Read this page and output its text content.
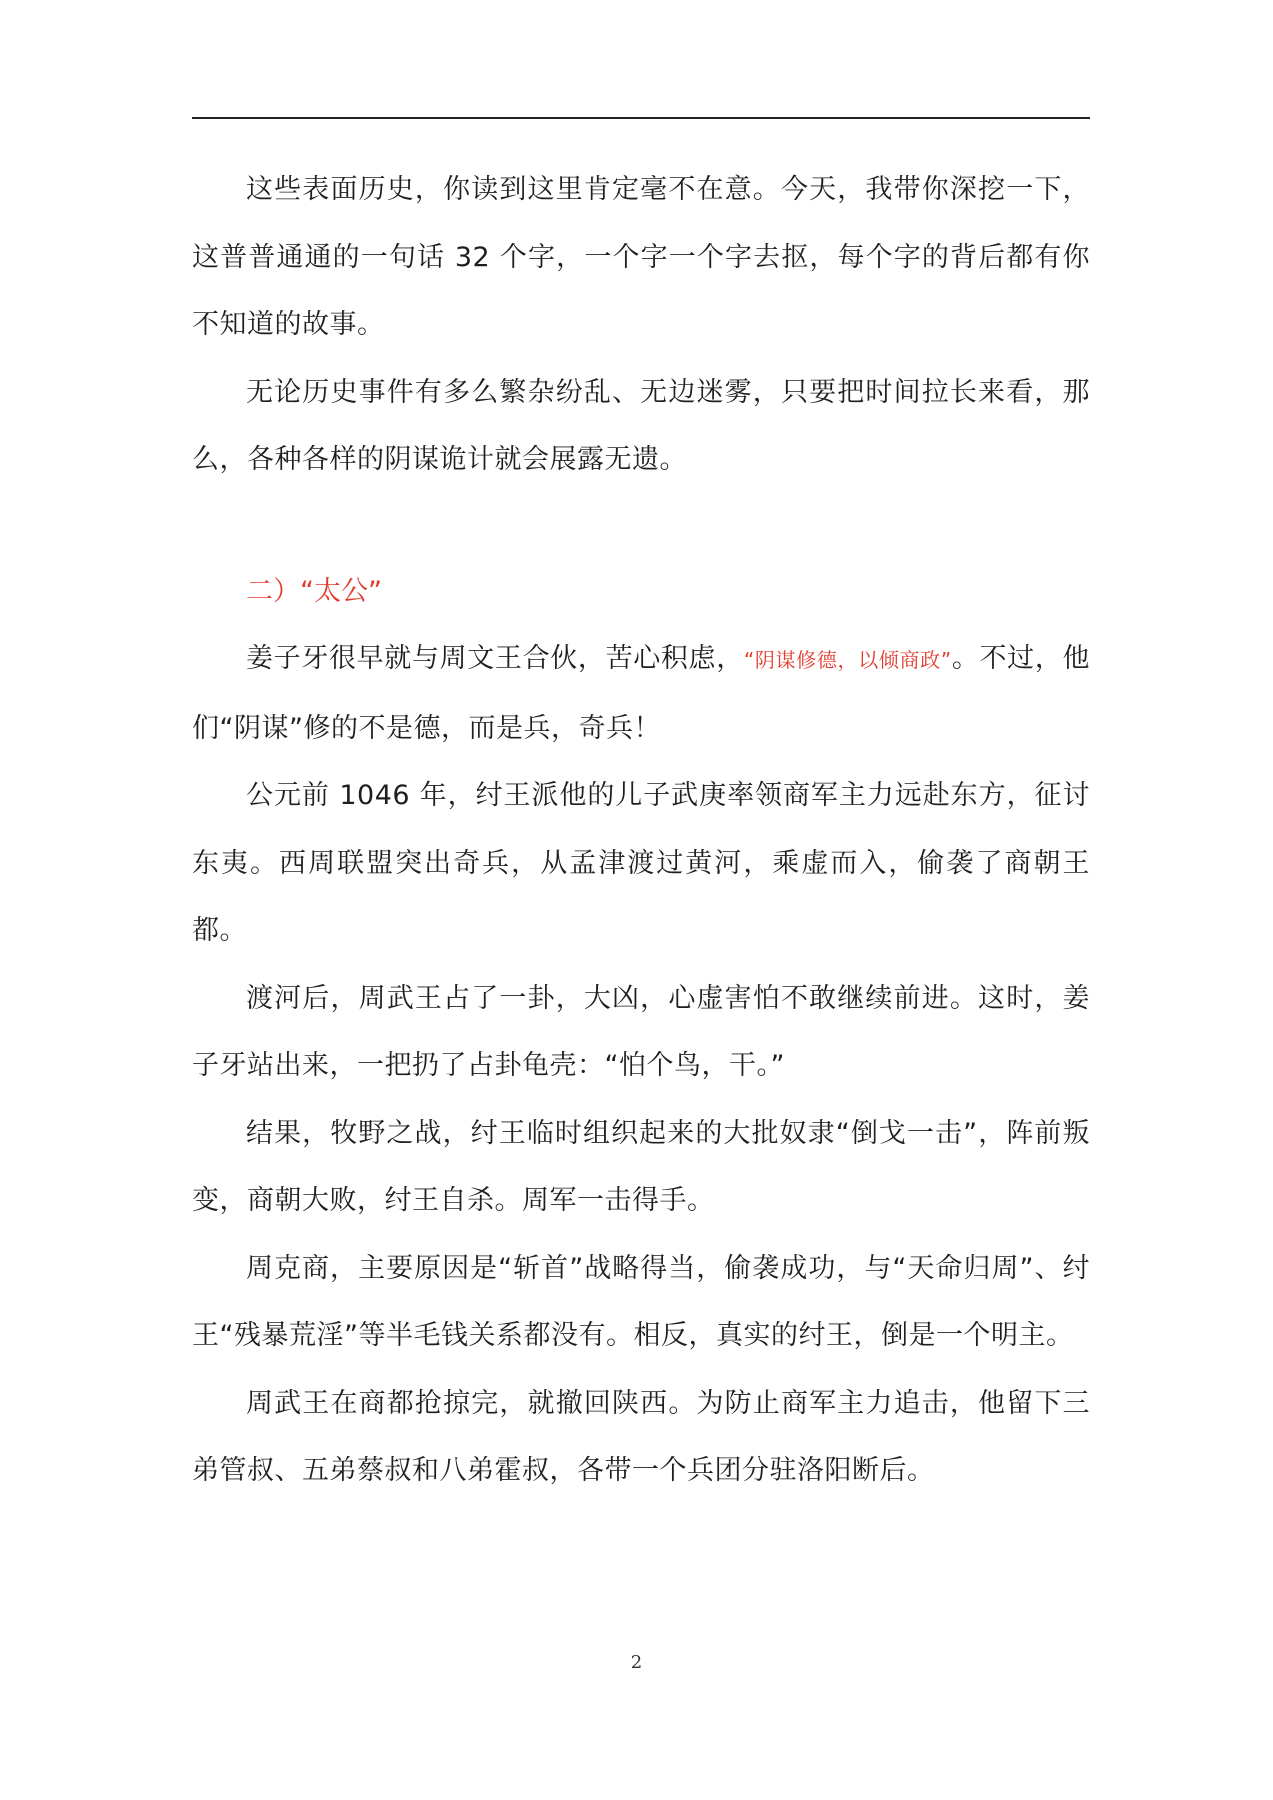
这些表面历史，你读到这里肯定毫不在意。今天，我带你深挖一下，这普普通通的一句话 32 个字，一个字一个字去抠，每个字的背后都有你不知道的故事。

无论历史事件有多么繁杂纷乱、无边迷雾，只要把时间拉长来看，那么，各种各样的阴谋诡计就会展露无遗。

二）“太公”

姜子牙很早就与周文王合伙，苦心积虑，“阴谋修德，以倾商政”。不过，他们“阴谋”修的不是德，而是兵，奇兵！

公元前 1046 年，纣王派他的儿子武庚率领商军主力远赴东方，征讨东夷。西周联盟突出奇兵，从孟津渡过黄河，乘虚而入，偷袭了商朝王都。

渡河后，周武王占了一卦，大凶，心虚害怕不敢继续前进。这时，姜子牙站出来，一把扔了占卦龟壳：“怕个鸟，干。”

结果，牧野之战，纣王临时组织起来的大批奴隶“倒戈一击”，阵前叛变，商朝大败，纣王自杀。周军一击得手。

周克商，主要原因是“斩首”战略得当，偷袭成功，与“天命归周”、纣王“残暴荒淫”等半毛钱关系都没有。相反，真实的纣王，倒是一个明主。

周武王在商都抢掠完，就撤回陕西。为防止商军主力追击，他留下三弟管叔、五弟蔡叔和八弟霍叔，各带一个兵团分驻洛阳断后。

2
